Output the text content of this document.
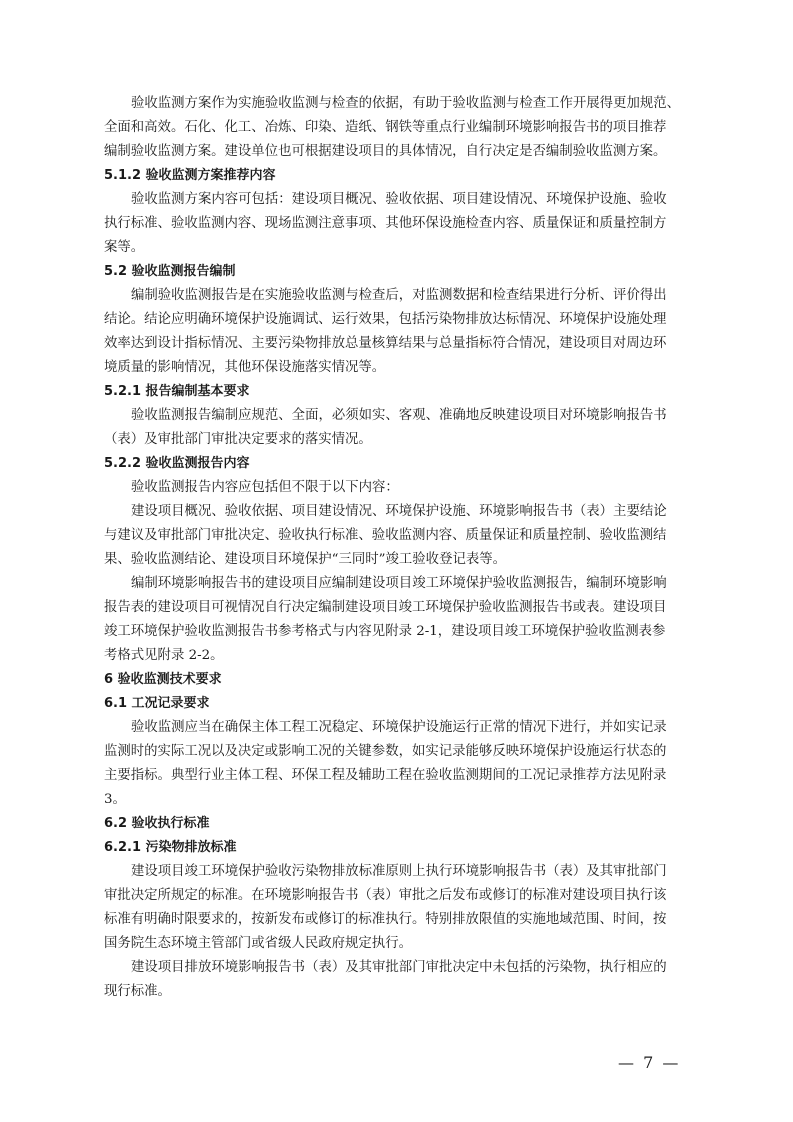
验收监测方案作为实施验收监测与检查的依据，有助于验收监测与检查工作开展得更加规范、
全面和高效。石化、化工、冶炼、印染、造纸、钢铁等重点行业编制环境影响报告书的项目推荐
编制验收监测方案。建设单位也可根据建设项目的具体情况，自行决定是否编制验收监测方案。
5.1.2 验收监测方案推荐内容
验收监测方案内容可包括：建设项目概况、验收依据、项目建设情况、环境保护设施、验收
执行标准、验收监测内容、现场监测注意事项、其他环保设施检查内容、质量保证和质量控制方
案等。
5.2 验收监测报告编制
编制验收监测报告是在实施验收监测与检查后，对监测数据和检查结果进行分析、评价得出
结论。结论应明确环境保护设施调试、运行效果，包括污染物排放达标情况、环境保护设施处理
效率达到设计指标情况、主要污染物排放总量核算结果与总量指标符合情况，建设项目对周边环
境质量的影响情况，其他环保设施落实情况等。
5.2.1 报告编制基本要求
验收监测报告编制应规范、全面，必须如实、客观、准确地反映建设项目对环境影响报告书
（表）及审批部门审批决定要求的落实情况。
5.2.2 验收监测报告内容
验收监测报告内容应包括但不限于以下内容：
建设项目概况、验收依据、项目建设情况、环境保护设施、环境影响报告书（表）主要结论
与建议及审批部门审批决定、验收执行标准、验收监测内容、质量保证和质量控制、验收监测结
果、验收监测结论、建设项目环境保护“三同时”竣工验收登记表等。
编制环境影响报告书的建设项目应编制建设项目竣工环境保护验收监测报告，编制环境影响
报告表的建设项目可视情况自行决定编制建设项目竣工环境保护验收监测报告书或表。建设项目
竣工环境保护验收监测报告书参考格式与内容见附录 2-1，建设项目竣工环境保护验收监测表参
考格式见附录 2-2。
6 验收监测技术要求
6.1 工况记录要求
验收监测应当在确保主体工程工况稳定、环境保护设施运行正常的情况下进行，并如实记录
监测时的实际工况以及决定或影响工况的关键参数，如实记录能够反映环境保护设施运行状态的
主要指标。典型行业主体工程、环保工程及辅助工程在验收监测期间的工况记录推荐方法见附录
3。
6.2 验收执行标准
6.2.1 污染物排放标准
建设项目竣工环境保护验收污染物排放标准原则上执行环境影响报告书（表）及其审批部门
审批决定所规定的标准。在环境影响报告书（表）审批之后发布或修订的标准对建设项目执行该
标准有明确时限要求的，按新发布或修订的标准执行。特别排放限值的实施地域范围、时间，按
国务院生态环境主管部门或省级人民政府规定执行。
建设项目排放环境影响报告书（表）及其审批部门审批决定中未包括的污染物，执行相应的
现行标准。
— 7 —
